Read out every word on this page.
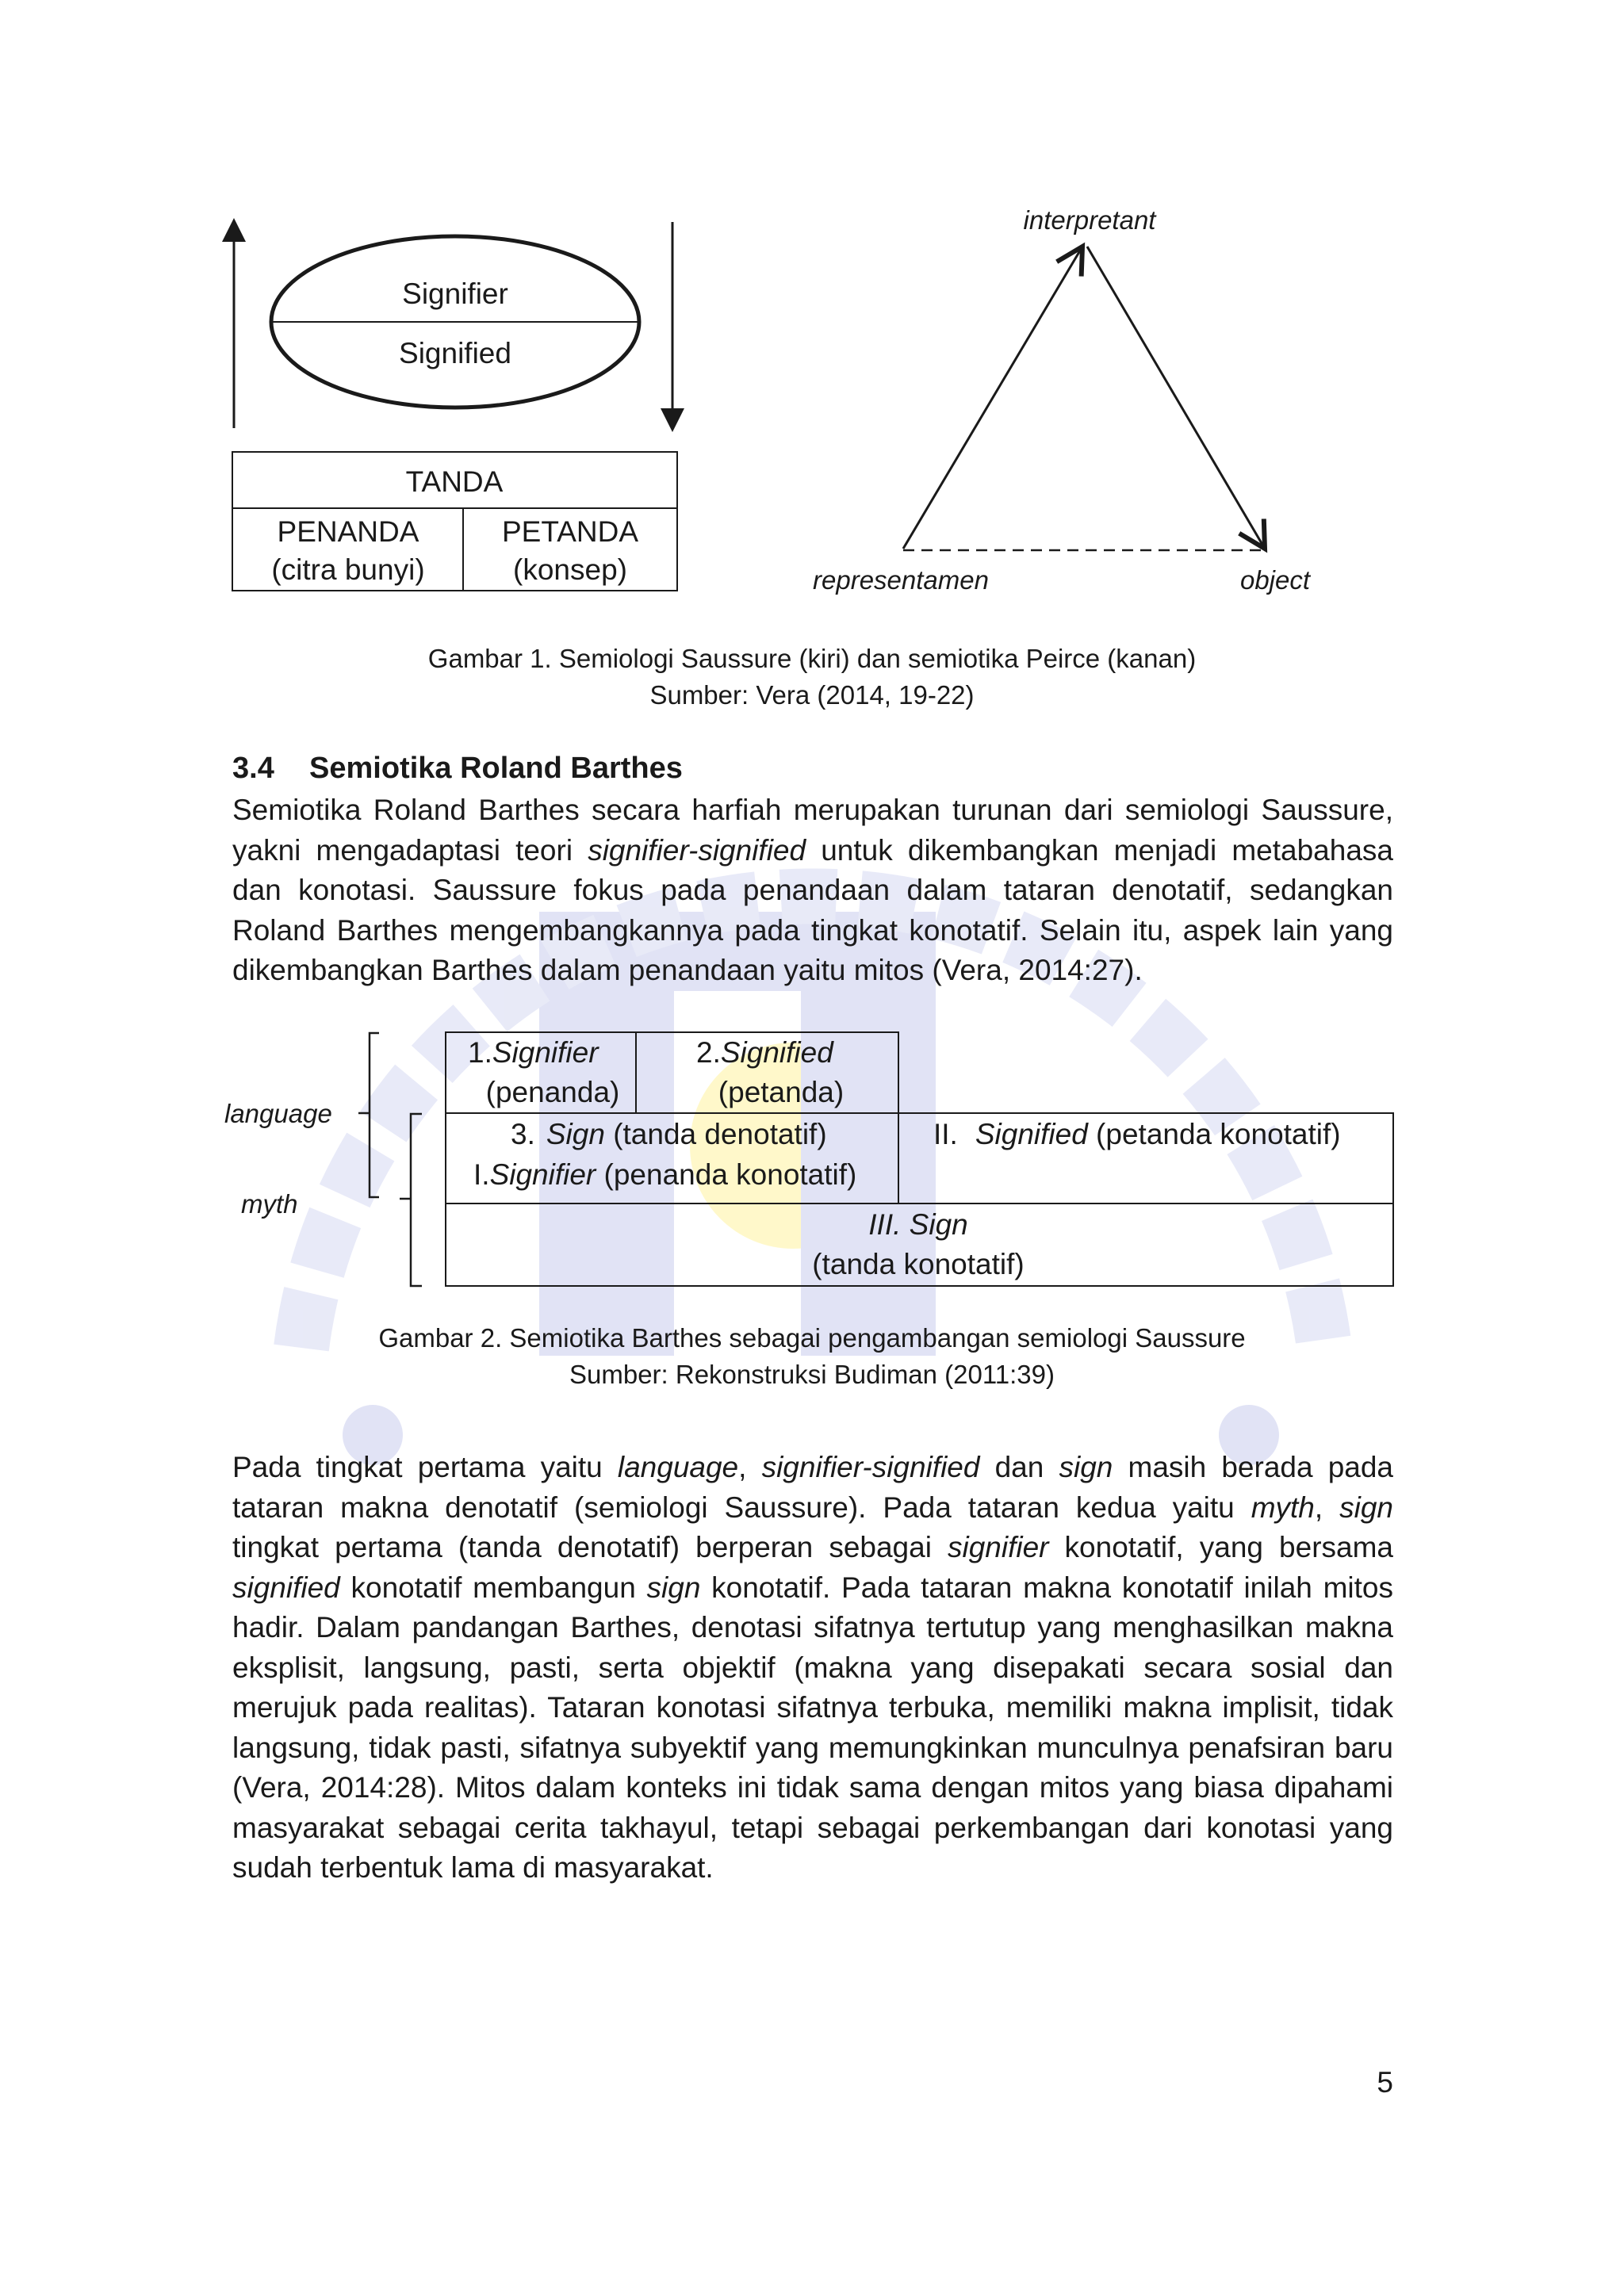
Signifier
Signified
TANDA
PENANDA
(citra bunyi)
PETANDA
(konsep)
interpretant
representamen	object
Gambar 1. Semiologi Saussure (kiri) dan semiotika Peirce (kanan)
Sumber: Vera (2014, 19-22)
3.4 Semiotika Roland Barthes

Semiotika Roland Barthes secara harfiah merupakan turunan dari semiologi Saussure, yakni mengadaptasi teori signifier-signified untuk dikembangkan menjadi metabahasa dan konotasi. Saussure fokus pada penandaan dalam tataran denotatif, sedangkan Roland Barthes mengembangkannya pada tingkat konotatif. Selain itu, aspek lain yang dikembangkan Barthes dalam penandaan yaitu mitos (Vera, 2014:27).

language
myth
1.Signifier
(penanda)
2.Signified
(petanda)
3. Sign (tanda denotatif)
I.Signifier (penanda konotatif)
II. Signified (petanda konotatif)
III. Sign
(tanda konotatif)
Gambar 2. Semiotika Barthes sebagai pengambangan semiologi Saussure
Sumber: Rekonstruksi Budiman (2011:39)

Pada tingkat pertama yaitu language, signifier-signified dan sign masih berada pada tataran makna denotatif (semiologi Saussure). Pada tataran kedua yaitu myth, sign tingkat pertama (tanda denotatif) berperan sebagai signifier konotatif, yang bersama signified konotatif membangun sign konotatif. Pada tataran makna konotatif inilah mitos hadir. Dalam pandangan Barthes, denotasi sifatnya tertutup yang menghasilkan makna eksplisit, langsung, pasti, serta objektif (makna yang disepakati secara sosial dan merujuk pada realitas). Tataran konotasi sifatnya terbuka, memiliki makna implisit, tidak langsung, tidak pasti, sifatnya subyektif yang memungkinkan munculnya penafsiran baru (Vera, 2014:28). Mitos dalam konteks ini tidak sama dengan mitos yang biasa dipahami masyarakat sebagai cerita takhayul, tetapi sebagai perkembangan dari konotasi yang sudah terbentuk lama di masyarakat.

5
